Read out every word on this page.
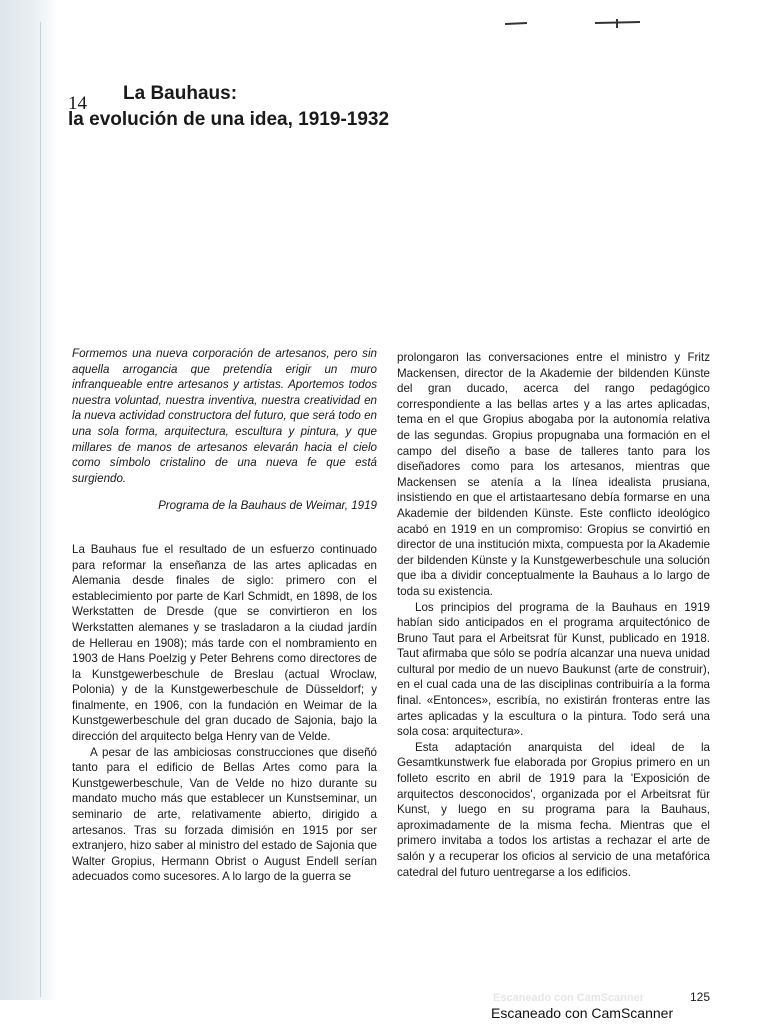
14 La Bauhaus:
la evolución de una idea, 1919-1932

Formemos una nueva corporación de artesanos, pero sin aquella arrogancia que pretendía erigir un muro infranqueable entre artesanos y artistas. Aportemos todos nuestra voluntad, nuestra inventiva, nuestra creatividad en la nueva actividad constructora del futuro, que será todo en una sola forma, arquitectura, escultura y pintura, y que millares de manos de artesanos elevarán hacia el cielo como símbolo cristalino de una nueva fe que está surgiendo.

Programa de la Bauhaus de Weimar, 1919

La Bauhaus fue el resultado de un esfuerzo continuado para reformar la enseñanza de las artes aplicadas en Alemania desde finales de siglo: primero con el establecimiento por parte de Karl Schmidt, en 1898, de los Werkstatten de Dresde (que se convirtieron en los Werkstatten alemanes y se trasladaron a la ciudad jardín de Hellerau en 1908); más tarde con el nombramiento en 1903 de Hans Poelzig y Peter Behrens como directores de la Kunstgewerbeschule de Breslau (actual Wroclaw, Polonia) y de la Kunstgewerbeschule de Düsseldorf; y finalmente, en 1906, con la fundación en Weimar de la Kunstgewerbeschule del gran ducado de Sajonia, bajo la dirección del arquitecto belga Henry van de Velde.

A pesar de las ambiciosas construcciones que diseñó tanto para el edificio de Bellas Artes como para la Kunstgewerbeschule, Van de Velde no hizo durante su mandato mucho más que establecer un Kunstseminar, un seminario de arte, relativamente abierto, dirigido a artesanos. Tras su forzada dimisión en 1915 por ser extranjero, hizo saber al ministro del estado de Sajonia que Walter Gropius, Hermann Obrist o August Endell serían adecuados como sucesores. A lo largo de la guerra se

prolongaron las conversaciones entre el ministro y Fritz Mackensen, director de la Akademie der bildenden Künste del gran ducado, acerca del rango pedagógico correspondiente a las bellas artes y a las artes aplicadas, tema en el que Gropius abogaba por la autonomía relativa de las segundas. Gropius propugnaba una formación en el campo del diseño a base de talleres tanto para los diseñadores como para los artesanos, mientras que Mackensen se atenía a la línea idealista prusiana, insistiendo en que el artistaartesano debía formarse en una Akademie der bildenden Künste. Este conflicto ideológico acabó en 1919 en un compromiso: Gropius se convirtió en director de una institución mixta, compuesta por la Akademie der bildenden Künste y la Kunstgewerbeschule una solución que iba a dividir conceptualmente la Bauhaus a lo largo de toda su existencia.

Los principios del programa de la Bauhaus en 1919 habían sido anticipados en el programa arquitectónico de Bruno Taut para el Arbeitsrat für Kunst, publicado en 1918. Taut afirmaba que sólo se podría alcanzar una nueva unidad cultural por medio de un nuevo Baukunst (arte de construir), en el cual cada una de las disciplinas contribuiría a la forma final. «Entonces», escribía, no existirán fronteras entre las artes aplicadas y la escultura o la pintura. Todo será una sola cosa: arquitectura».

Esta adaptación anarquista del ideal de la Gesamtkunstwerk fue elaborada por Gropius primero en un folleto escrito en abril de 1919 para la 'Exposición de arquitectos desconocidos', organizada por el Arbeitsrat für Kunst, y luego en su programa para la Bauhaus, aproximadamente de la misma fecha. Mientras que el primero invitaba a todos los artistas a rechazar el arte de salón y a recuperar los oficios al servicio de una metafórica catedral del futuro uentregarse a los edificios.

Escaneado con CamScanner	125
Escaneado con CamScanner
